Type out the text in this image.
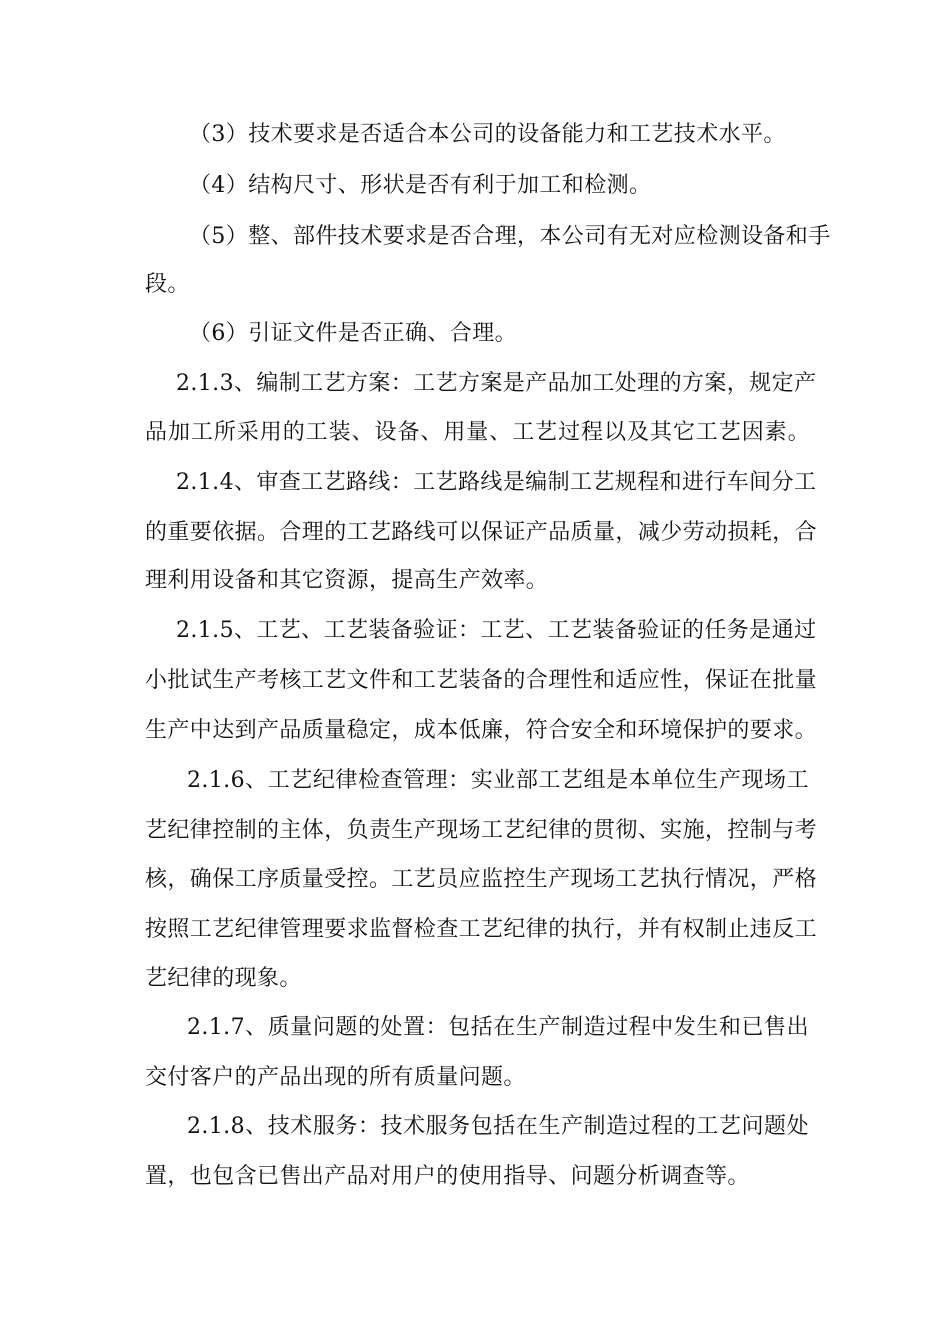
（3）技术要求是否适合本公司的设备能力和工艺技术水平。
（4）结构尺寸、形状是否有利于加工和检测。
（5）整、部件技术要求是否合理，本公司有无对应检测设备和手
段。
（6）引证文件是否正确、合理。
2.1.3、编制工艺方案：工艺方案是产品加工处理的方案，规定产
品加工所采用的工装、设备、用量、工艺过程以及其它工艺因素。
2.1.4、审查工艺路线：工艺路线是编制工艺规程和进行车间分工
的重要依据。合理的工艺路线可以保证产品质量，减少劳动损耗，合
理利用设备和其它资源，提高生产效率。
2.1.5、工艺、工艺装备验证：工艺、工艺装备验证的任务是通过
小批试生产考核工艺文件和工艺装备的合理性和适应性，保证在批量
生产中达到产品质量稳定，成本低廉，符合安全和环境保护的要求。
2.1.6、工艺纪律检查管理：实业部工艺组是本单位生产现场工
艺纪律控制的主体，负责生产现场工艺纪律的贯彻、实施，控制与考
核，确保工序质量受控。工艺员应监控生产现场工艺执行情况，严格
按照工艺纪律管理要求监督检查工艺纪律的执行，并有权制止违反工
艺纪律的现象。
2.1.7、质量问题的处置：包括在生产制造过程中发生和已售出
交付客户的产品出现的所有质量问题。
2.1.8、技术服务：技术服务包括在生产制造过程的工艺问题处
置，也包含已售出产品对用户的使用指导、问题分析调查等。
